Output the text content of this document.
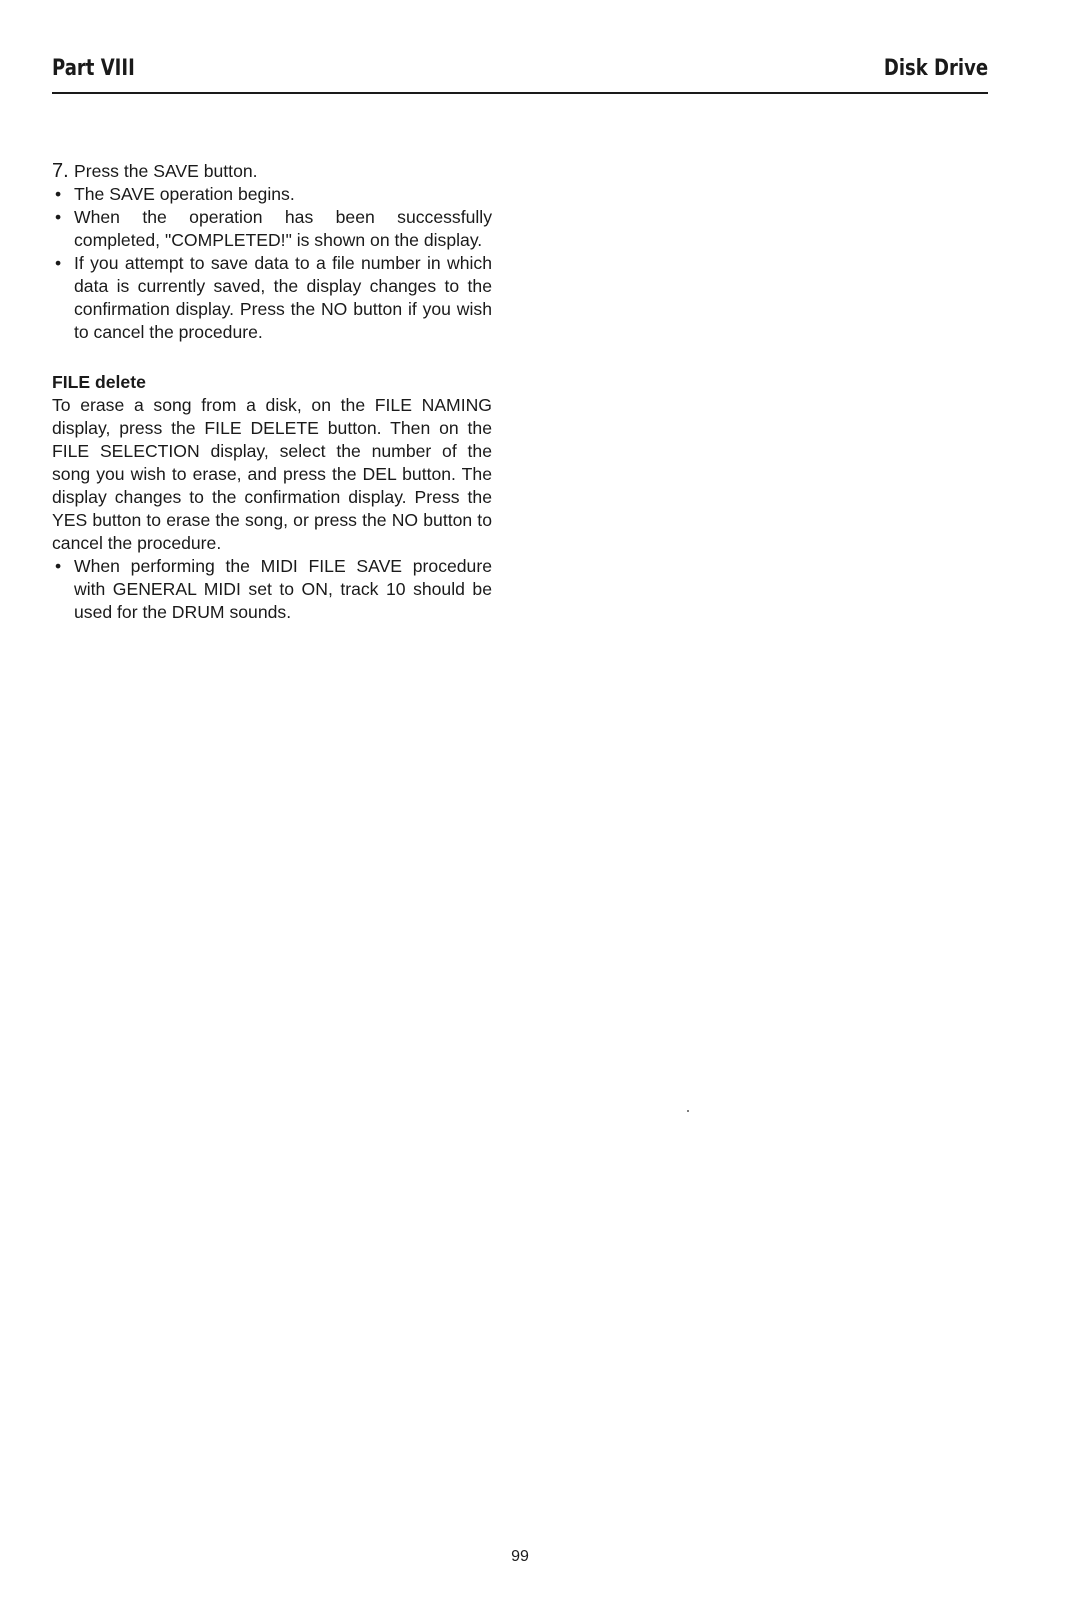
Part VIII	Disk Drive

7. Press the SAVE button.

• The SAVE operation begins.
• When the operation has been successfully completed, "COMPLETED!" is shown on the display.
• If you attempt to save data to a file number in which data is currently saved, the display changes to the confirmation display. Press the NO button if you wish to cancel the procedure.

FILE delete

To erase a song from a disk, on the FILE NAMING display, press the FILE DELETE button. Then on the FILE SELECTION display, select the number of the song you wish to erase, and press the DEL button. The display changes to the confirmation display. Press the YES button to erase the song, or press the NO button to cancel the procedure.

• When performing the MIDI FILE SAVE procedure with GENERAL MIDI set to ON, track 10 should be used for the DRUM sounds.
99
